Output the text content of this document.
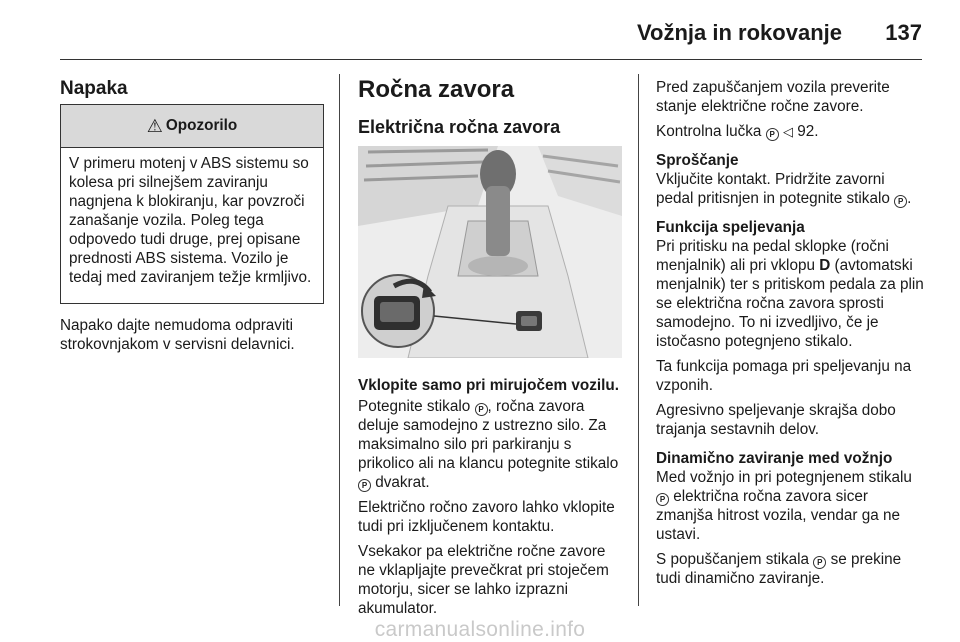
Vožnja in rokovanje 137
Napaka
⚠ Opozorilo
V primeru motenj v ABS sistemu so kolesa pri silnejšem zaviranju nagnjena k blokiranju, kar povzroči zanašanje vozila. Poleg tega odpovedo tudi druge, prej opisane prednosti ABS sistema. Vozilo je tedaj med zaviranjem težje krmljivo.

Napako dajte nemudoma odpraviti strokovnjakom v servisni delavnici.

Ročna zavora
Električna ročna zavora

Vklopite samo pri mirujočem vozilu.

Potegnite stikalo P , ročna zavora deluje samodejno z ustrezno silo. Za maksimalno silo pri parkiranju s prikolico ali na klancu potegnite stikalo P dvakrat.

Električno ročno zavoro lahko vklopite tudi pri izključenem kontaktu.

Vsekakor pa električne ročne zavore ne vklapljajte prevečkrat pri stoječem motorju, sicer se lahko izprazni akumulator.

Pred zapuščanjem vozila preverite stanje električne ročne zavore.

Kontrolna lučka P ◁ 92.

Sproščanje

Vključite kontakt. Pridržite zavorni pedal pritisnjen in potegnite stikalo P .

Funkcija speljevanja

Pri pritisku na pedal sklopke (ročni menjalnik) ali pri vklopu D (avtomatski menjalnik) ter s pritiskom pedala za plin se električna ročna zavora sprosti samodejno. To ni izvedljivo, če je istočasno potegnjeno stikalo.

Ta funkcija pomaga pri speljevanju na vzponih.

Agresivno speljevanje skrajša dobo trajanja sestavnih delov.

Dinamično zaviranje med vožnjo

Med vožnjo in pri potegnjenem stikalu P električna ročna zavora sicer zmanjša hitrost vozila, vendar ga ne ustavi.

S popuščanjem stikala P se prekine tudi dinamično zaviranje.

carmanualsonline.info
